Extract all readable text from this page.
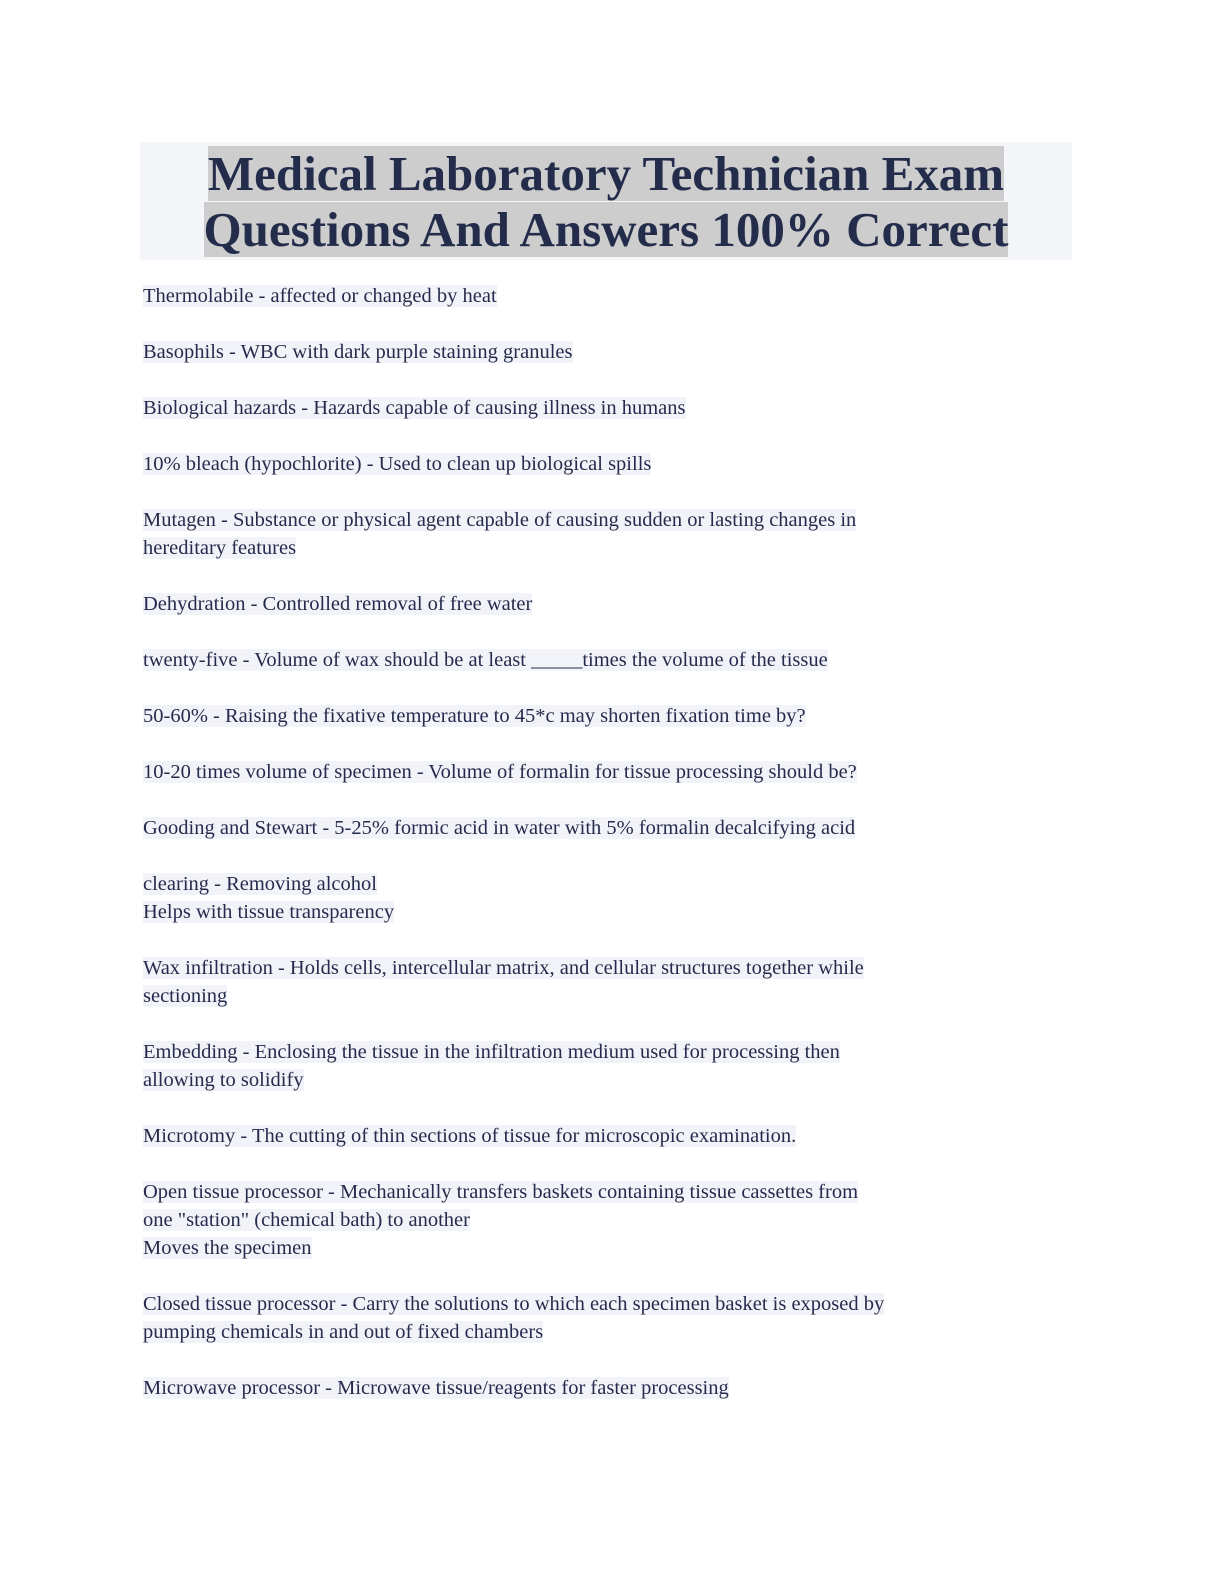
Medical Laboratory Technician Exam
Questions And Answers 100% Correct
Thermolabile - affected or changed by heat
Basophils - WBC with dark purple staining granules
Biological hazards - Hazards capable of causing illness in humans
10% bleach (hypochlorite) - Used to clean up biological spills
Mutagen - Substance or physical agent capable of causing sudden or lasting changes in
hereditary features
Dehydration - Controlled removal of free water
twenty-five - Volume of wax should be at least _____times the volume of the tissue
50-60% - Raising the fixative temperature to 45*c may shorten fixation time by?
10-20 times volume of specimen - Volume of formalin for tissue processing should be?
Gooding and Stewart - 5-25% formic acid in water with 5% formalin decalcifying acid
clearing - Removing alcohol
Helps with tissue transparency
Wax infiltration - Holds cells, intercellular matrix, and cellular structures together while
sectioning
Embedding - Enclosing the tissue in the infiltration medium used for processing then
allowing to solidify
Microtomy - The cutting of thin sections of tissue for microscopic examination.
Open tissue processor - Mechanically transfers baskets containing tissue cassettes from
one "station" (chemical bath) to another
Moves the specimen
Closed tissue processor - Carry the solutions to which each specimen basket is exposed by
pumping chemicals in and out of fixed chambers
Microwave processor - Microwave tissue/reagents for faster processing
